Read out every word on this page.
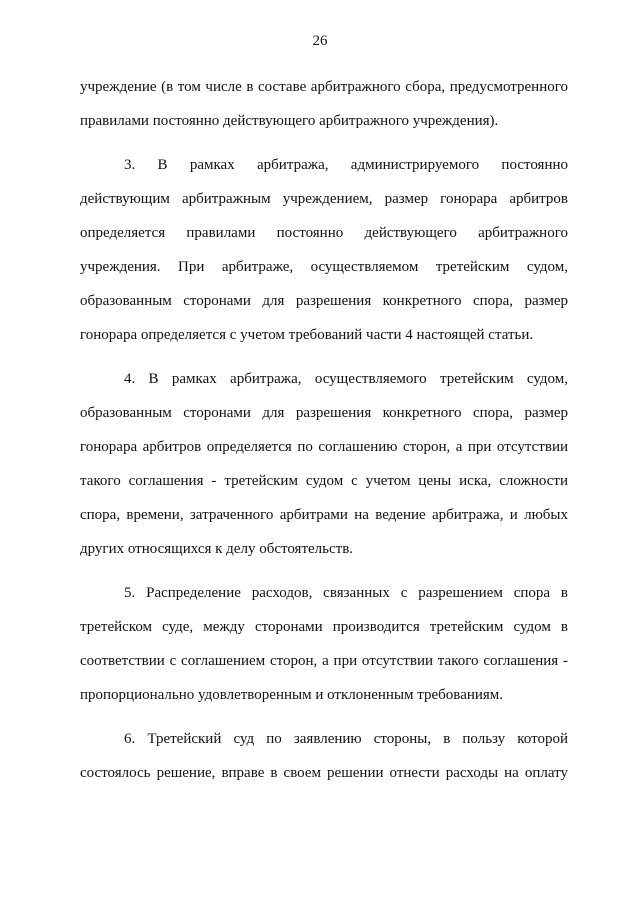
26
учреждение (в том числе в составе арбитражного сбора, предусмотренного
правилами постоянно действующего арбитражного учреждения).
3. В рамках арбитража, администрируемого постоянно
действующим арбитражным учреждением, размер гонорара арбитров
определяется правилами постоянно действующего арбитражного
учреждения. При арбитраже, осуществляемом третейским судом,
образованным сторонами для разрешения конкретного спора, размер
гонорара определяется с учетом требований части 4 настоящей статьи.
4. В рамках арбитража, осуществляемого третейским судом,
образованным сторонами для разрешения конкретного спора, размер
гонорара арбитров определяется по соглашению сторон, а при отсутствии
такого соглашения - третейским судом с учетом цены иска, сложности
спора, времени, затраченного арбитрами на ведение арбитража, и любых
других относящихся к делу обстоятельств.
5. Распределение расходов, связанных с разрешением спора в
третейском суде, между сторонами производится третейским судом в
соответствии с соглашением сторон, а при отсутствии такого соглашения -
пропорционально удовлетворенным и отклоненным требованиям.
6. Третейский суд по заявлению стороны, в пользу которой
состоялось решение, вправе в своем решении отнести расходы на оплату
